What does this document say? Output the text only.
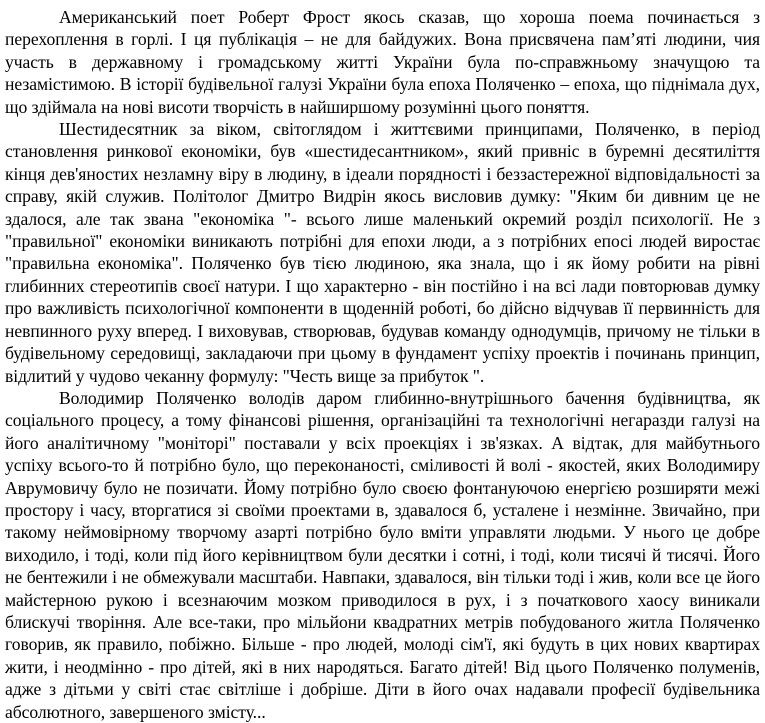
Американський поет Роберт Фрост якось сказав, що хороша поема починається з перехоплення в горлі. І ця публікація – не для байдужих. Вона присвячена пам’яті людини, чия участь в державному і громадському житті України була по-справжньому значущою та незамістимою. В історії будівельної галузі України була епоха Поляченко – епоха, що піднімала дух, що здіймала на нові висоти творчість в найширшому розумінні цього поняття.

Шестидесятник за віком, світоглядом і життєвими принципами, Поляченко, в період становлення ринкової економіки, був «шестидесантником», який привніс в буремні десятиліття кінця дев'яностих незламну віру в людину, в ідеали порядності і беззастережної відповідальності за справу, якій служив. Політолог Дмитро Видрін якось висловив думку: "Яким би дивним це не здалося, але так звана "економіка "- всього лише маленький окремий розділ психології. Не з "правильної" економіки виникають потрібні для епохи люди, а з потрібних епосі людей виростає "правильна економіка". Поляченко був тією людиною, яка знала, що і як йому робити на рівні глибинних стереотипів своєї натури. І що характерно - він постійно і на всі лади повторював думку про важливість психологічної компоненти в щоденній роботі, бо дійсно відчував її первинність для невпинного руху вперед. І виховував, створював, будував команду однодумців, причому не тільки в будівельному середовищі, закладаючи при цьому в фундамент успіху проектів і починань принцип, відлитий у чудово чеканну формулу: "Честь вище за прибуток ".

Володимир Поляченко володів даром глибинно-внутрішнього бачення будівництва, як соціального процесу, а тому фінансові рішення, організаційні та технологічні негаразди галузі на його аналітичному "моніторі" поставали у всіх проекціях і зв'язках. А відтак, для майбутнього успіху всього-то й потрібно було, що переконаності, сміливості й волі - якостей, яких Володимиру Аврумовичу було не позичати. Йому потрібно було своєю фонтануючою енергією розширяти межі простору і часу, вторгатися зі своїми проектами в, здавалося б, усталене і незмінне. Звичайно, при такому неймовірному творчому азарті потрібно було вміти управляти людьми. У нього це добре виходило, і тоді, коли під його керівництвом були десятки і сотні, і тоді, коли тисячі й тисячі. Його не бентежили і не обмежували масштаби. Навпаки, здавалося, він тільки тоді і жив, коли все це його майстерною рукою і всезнаючим мозком приводилося в рух, і з початкового хаосу виникали блискучі творіння. Але все-таки, про мільйони квадратних метрів побудованого житла Поляченко говорив, як правило, побіжно. Більше - про людей, молоді сім'ї, які будуть в цих нових квартирах жити, і неодмінно - про дітей, які в них народяться. Багато дітей! Від цього Поляченко полуменів, адже з дітьми у світі стає світліше і добріше. Діти в його очах надавали професії будівельника абсолютного, завершеного змісту...
